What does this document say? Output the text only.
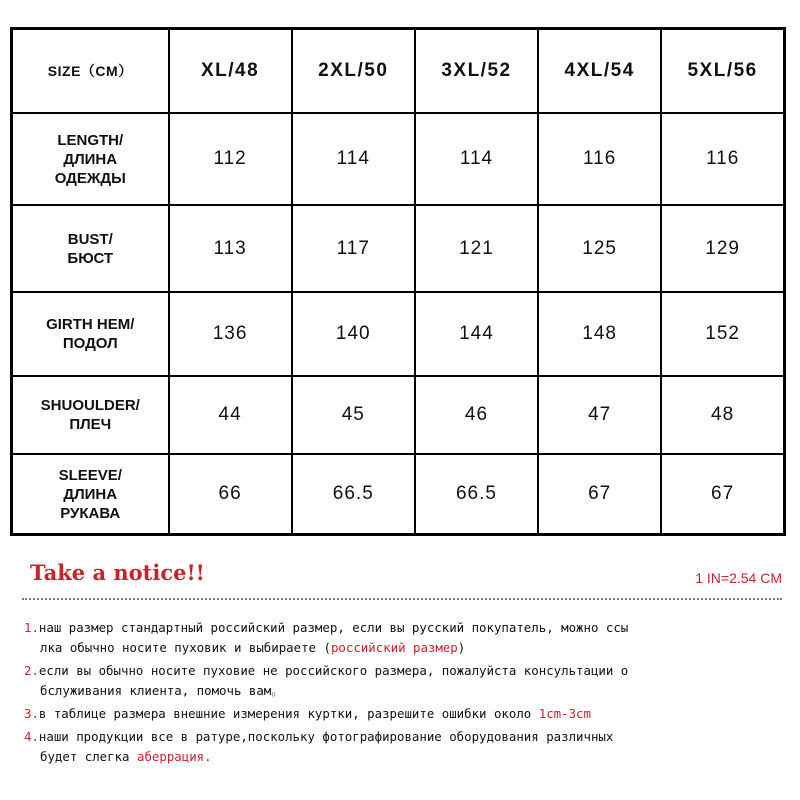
SIZE（CM）	XL/48	2XL/50	3XL/52	4XL/54	5XL/56

LENGTH/
ДЛИНА
ОДЕЖДЫ	112	114	114	116	116

BUST/
БЮСТ	113	117	121	125	129

GIRTH HEM/
ПОДОЛ	136	140	144	148	152

SHUOULDER/
ПЛЕЧ	44	45	46	47	48

SLEEVE/
ДЛИНА
РУКАВА	66	66.5	66.5	67	67
Take a notice!!	1 IN=2.54 CM
1.наш размер стандартный российский размер, если вы русский покупатель, можно ссы
лка обычно носите пуховик и выбираете (российский размер)
2.если вы обычно носите пуховие не российского размера, пожалуйста консультации о
бслуживания клиента, помочь вам。
3.в таблице размера внешние измерения куртки, разрешите ошибки около 1cm-3cm
4.наши продукции все в ратуре,поскольку фотографирование оборудования различных
будет слегка аберрация.
